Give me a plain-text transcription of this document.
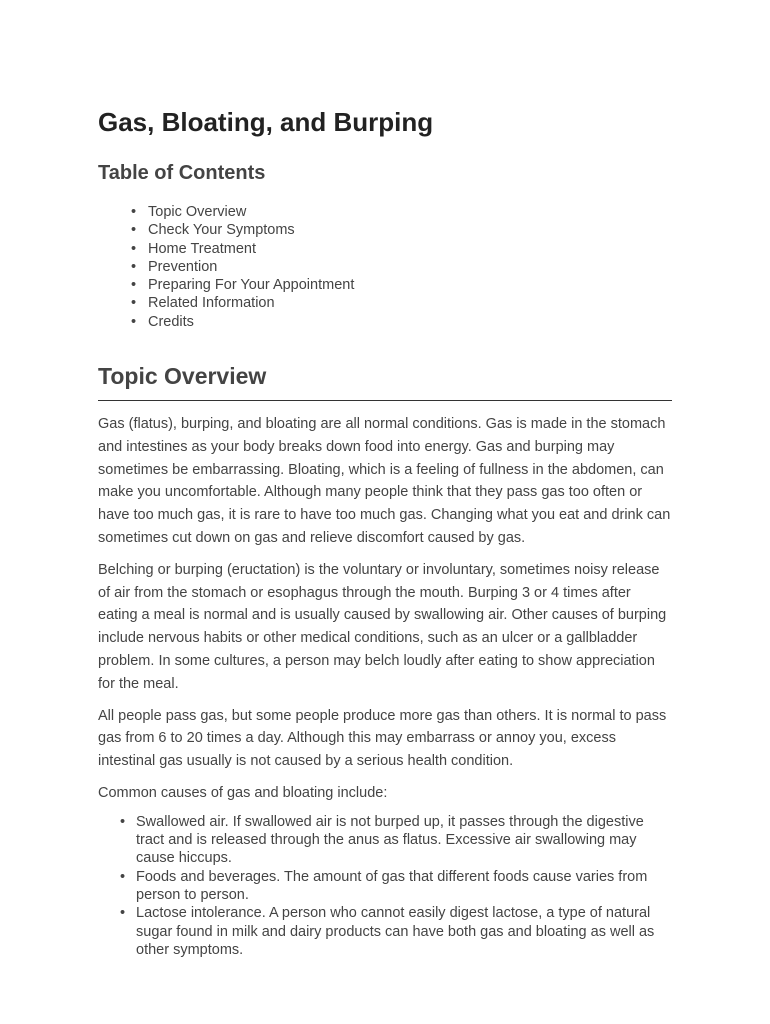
Gas, Bloating, and Burping
Table of Contents
• Topic Overview
• Check Your Symptoms
• Home Treatment
• Prevention
• Preparing For Your Appointment
• Related Information
• Credits
Topic Overview

Gas (flatus), burping, and bloating are all normal conditions. Gas is made in the stomach and intestines as your body breaks down food into energy. Gas and burping may sometimes be embarrassing. Bloating, which is a feeling of fullness in the abdomen, can make you uncomfortable. Although many people think that they pass gas too often or have too much gas, it is rare to have too much gas. Changing what you eat and drink can sometimes cut down on gas and relieve discomfort caused by gas.

Belching or burping (eructation) is the voluntary or involuntary, sometimes noisy release of air from the stomach or esophagus through the mouth. Burping 3 or 4 times after eating a meal is normal and is usually caused by swallowing air. Other causes of burping include nervous habits or other medical conditions, such as an ulcer or a gallbladder problem. In some cultures, a person may belch loudly after eating to show appreciation for the meal.

All people pass gas, but some people produce more gas than others. It is normal to pass gas from 6 to 20 times a day. Although this may embarrass or annoy you, excess intestinal gas usually is not caused by a serious health condition.

Common causes of gas and bloating include:

• Swallowed air. If swallowed air is not burped up, it passes through the digestive tract and is released through the anus as flatus. Excessive air swallowing may cause hiccups.
• Foods and beverages. The amount of gas that different foods cause varies from person to person.
• Lactose intolerance. A person who cannot easily digest lactose, a type of natural sugar found in milk and dairy products can have both gas and bloating as well as other symptoms.
